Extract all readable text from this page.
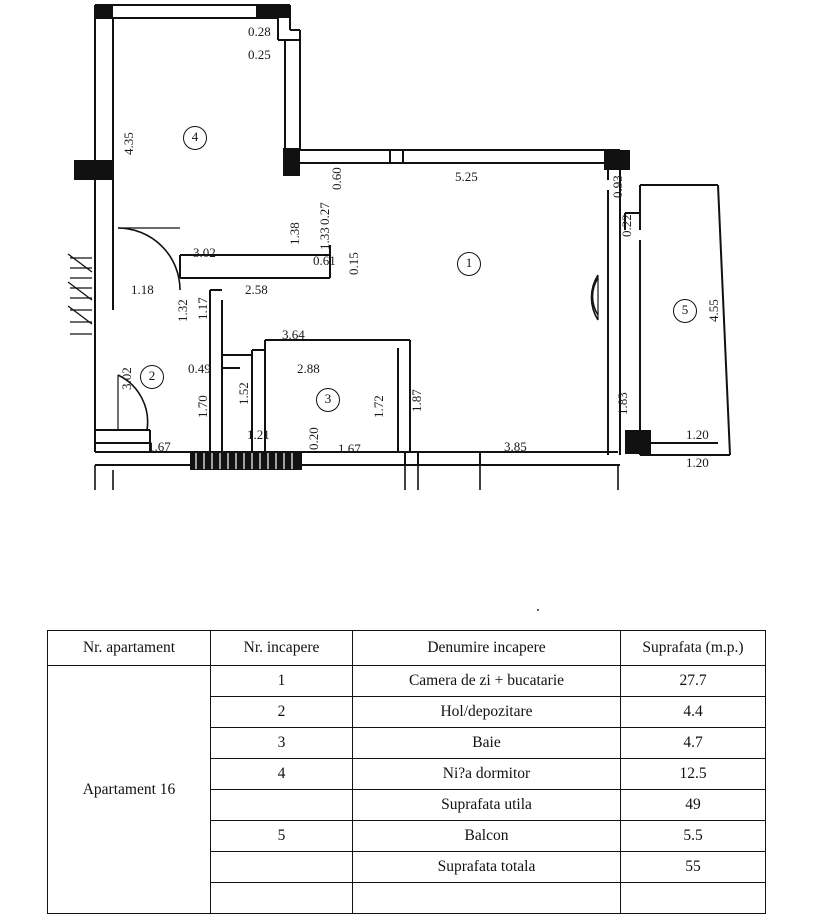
1
2
3
4
5
0.28
0.25
5.25
3.02
0.61
2.58
1.18
3.64
2.88
0.49
1.21
1.67	1.67	3.85
1.20
1.20
4.35
0.60
0.27
1.38 1.33
0.15
0.93
0.22
4.55
1.32 1.17
3.02
1.70
1.52
1.72 1.87
0.20
1.83
Nr. apartament	Nr. incapere	Denumire incapere	Suprafata (m.p.)
Apartament 16	1	Camera de zi + bucatarie	27.7
	2	Hol/depozitare	4.4
	3	Baie	4.7
	4	Ni?a dormitor	12.5
		Suprafata utila	49
	5	Balcon	5.5
		Suprafata totala	55
